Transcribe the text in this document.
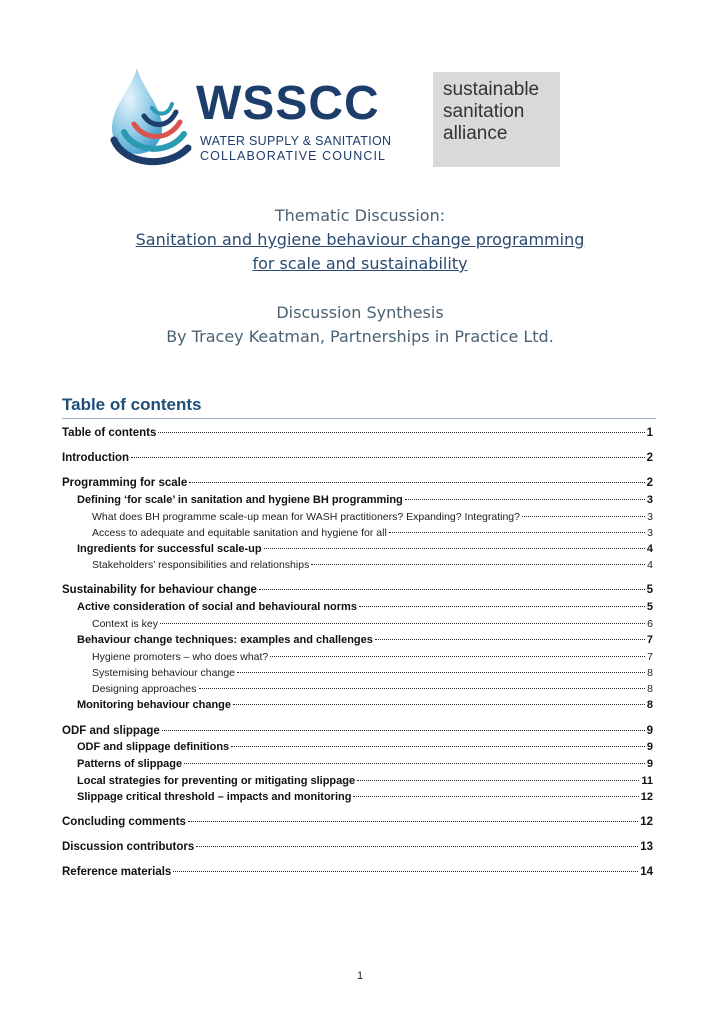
WSSCC
WATER SUPPLY & SANITATION
COLLABORATIVE COUNCIL
sustainable
sanitation
alliance
Thematic Discussion:
Sanitation and hygiene behaviour change programming
for scale and sustainability
Discussion Synthesis
By Tracey Keatman, Partnerships in Practice Ltd.
Table of contents
Table of contents	1
Introduction	2
Programming for scale	2
Defining ‘for scale’ in sanitation and hygiene BH programming	3
What does BH programme scale-up mean for WASH practitioners? Expanding? Integrating?	3
Access to adequate and equitable sanitation and hygiene for all	3
Ingredients for successful scale-up	4
Stakeholders’ responsibilities and relationships	4
Sustainability for behaviour change	5
Active consideration of social and behavioural norms	5
Context is key	6
Behaviour change techniques: examples and challenges	7
Hygiene promoters – who does what?	7
Systemising behaviour change	8
Designing approaches	8
Monitoring behaviour change	8
ODF and slippage	9
ODF and slippage definitions	9
Patterns of slippage	9
Local strategies for preventing or mitigating slippage	11
Slippage critical threshold – impacts and monitoring	12
Concluding comments	12
Discussion contributors	13
Reference materials	14
1
